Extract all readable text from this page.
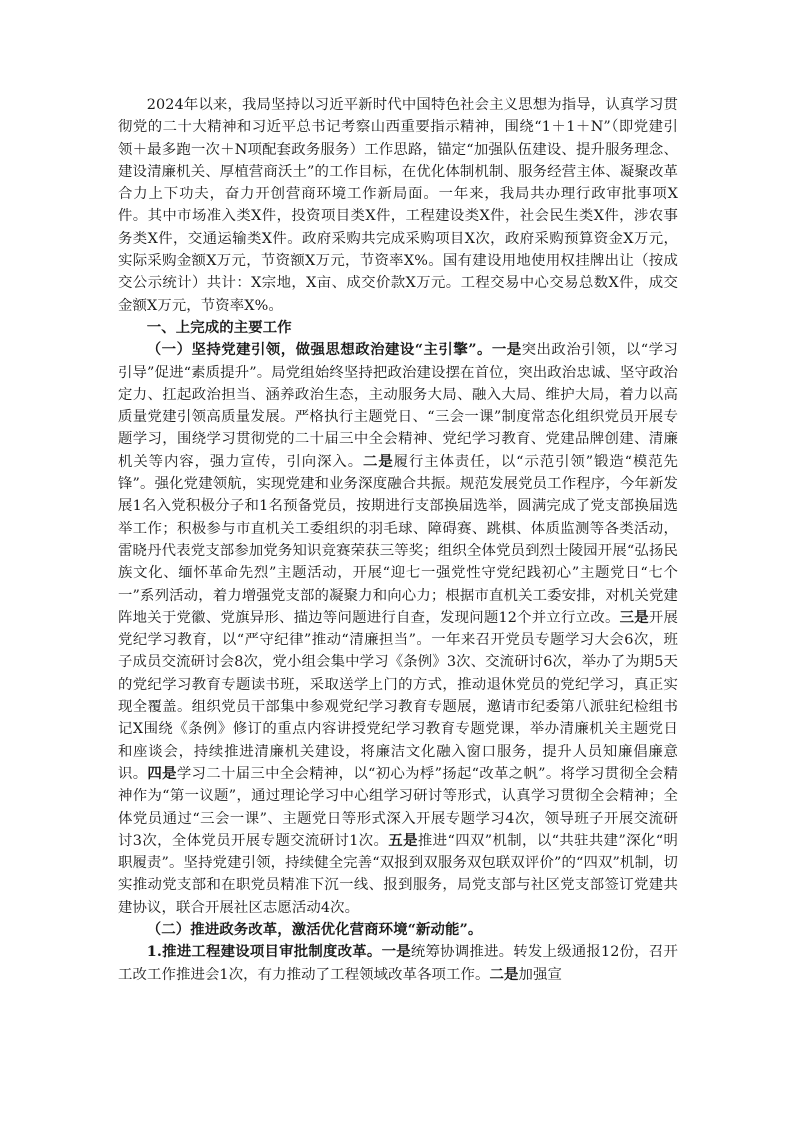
2024年以来，我局坚持以习近平新时代中国特色社会主义思想为指导，认真学习贯彻党的二十大精神和习近平总书记考察山西重要指示精神，围绕“1＋1＋N”（即党建引领＋最多跑一次＋N项配套政务服务）工作思路，锚定“加强队伍建设、提升服务理念、建设清廉机关、厚植营商沃土”的工作目标，在优化体制机制、服务经营主体、凝聚改革合力上下功夫，奋力开创营商环境工作新局面。一年来，我局共办理行政审批事项X件。其中市场准入类X件，投资项目类X件，工程建设类X件，社会民生类X件，涉农事务类X件，交通运输类X件。政府采购共完成采购项目X次，政府采购预算资金X万元，实际采购金额X万元，节资额X万元，节资率X%。国有建设用地使用权挂牌出让（按成交公示统计）共计：X宗地，X亩、成交价款X万元。工程交易中心交易总数X件，成交金额X万元，节资率X%。

一、上完成的主要工作

（一）坚持党建引领，做强思想政治建设“主引擎”。一是突出政治引领，以“学习引导”促进“素质提升”。局党组始终坚持把政治建设摆在首位，突出政治忠诚、坚守政治定力、扛起政治担当、涵养政治生态，主动服务大局、融入大局、维护大局，着力以高质量党建引领高质量发展。严格执行主题党日、“三会一课”制度常态化组织党员开展专题学习，围绕学习贯彻党的二十届三中全会精神、党纪学习教育、党建品牌创建、清廉机关等内容，强力宣传，引向深入。二是履行主体责任，以“示范引领”锻造“模范先锋”。强化党建领航，实现党建和业务深度融合共振。规范发展党员工作程序，今年新发展1名入党积极分子和1名预备党员，按期进行支部换届选举，圆满完成了党支部换届选举工作；积极参与市直机关工委组织的羽毛球、障碍赛、跳棋、体质监测等各类活动，雷晓丹代表党支部参加党务知识竞赛荣获三等奖；组织全体党员到烈士陵园开展“弘扬民族文化、缅怀革命先烈”主题活动，开展“迎七一强党性守党纪践初心”主题党日“七个一”系列活动，着力增强党支部的凝聚力和向心力；根据市直机关工委安排，对机关党建阵地关于党徽、党旗异形、描边等问题进行自查，发现问题12个并立行立改。三是开展党纪学习教育，以“严守纪律”推动“清廉担当”。一年来召开党员专题学习大会6次，班子成员交流研讨会8次，党小组会集中学习《条例》3次、交流研讨6次，举办了为期5天的党纪学习教育专题读书班，采取送学上门的方式，推动退休党员的党纪学习，真正实现全覆盖。组织党员干部集中参观党纪学习教育专题展，邀请市纪委第八派驻纪检组书记X围绕《条例》修订的重点内容讲授党纪学习教育专题党课，举办清廉机关主题党日和座谈会，持续推进清廉机关建设，将廉洁文化融入窗口服务，提升人员知廉倡廉意识。四是学习二十届三中全会精神，以“初心为桴”扬起“改革之帆”。将学习贯彻全会精神作为“第一议题”，通过理论学习中心组学习研讨等形式，认真学习贯彻全会精神；全体党员通过“三会一课”、主题党日等形式深入开展专题学习4次，领导班子开展交流研讨3次，全体党员开展专题交流研讨1次。五是推进“四双”机制，以“共驻共建”深化“明职履责”。坚持党建引领，持续健全完善“双报到双服务双包联双评价”的“四双”机制，切实推动党支部和在职党员精准下沉一线、报到服务，局党支部与社区党支部签订党建共建协议，联合开展社区志愿活动4次。

（二）推进政务改革，激活优化营商环境“新动能”。

1.推进工程建设项目审批制度改革。一是统筹协调推进。转发上级通报12份，召开工改工作推进会1次，有力推动了工程领域改革各项工作。二是加强宣
